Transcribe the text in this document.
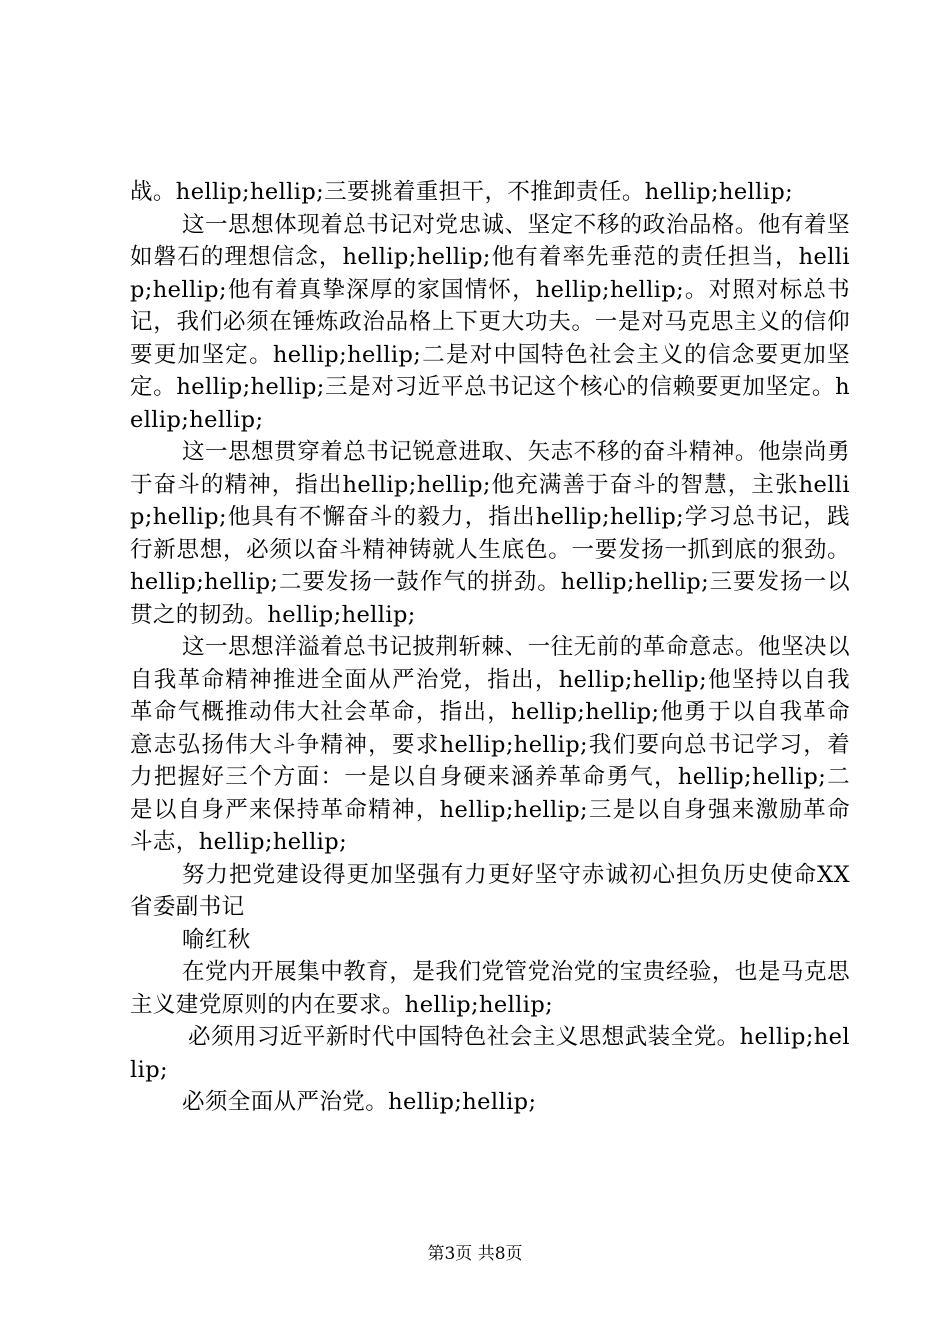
战。hellip;hellip;三要挑着重担干，不推卸责任。hellip;hellip;

这一思想体现着总书记对党忠诚、坚定不移的政治品格。他有着坚如磐石的理想信念，hellip;hellip;他有着率先垂范的责任担当，hellip;hellip;他有着真挚深厚的家国情怀，hellip;hellip;。对照对标总书记，我们必须在锤炼政治品格上下更大功夫。一是对马克思主义的信仰要更加坚定。hellip;hellip;二是对中国特色社会主义的信念要更加坚定。hellip;hellip;三是对习近平总书记这个核心的信赖要更加坚定。hellip;hellip;

这一思想贯穿着总书记锐意进取、矢志不移的奋斗精神。他崇尚勇于奋斗的精神，指出hellip;hellip;他充满善于奋斗的智慧，主张hellip;hellip;他具有不懈奋斗的毅力，指出hellip;hellip;学习总书记，践行新思想，必须以奋斗精神铸就人生底色。一要发扬一抓到底的狠劲。hellip;hellip;二要发扬一鼓作气的拼劲。hellip;hellip;三要发扬一以贯之的韧劲。hellip;hellip;

这一思想洋溢着总书记披荆斩棘、一往无前的革命意志。他坚决以自我革命精神推进全面从严治党，指出，hellip;hellip;他坚持以自我革命气概推动伟大社会革命，指出，hellip;hellip;他勇于以自我革命意志弘扬伟大斗争精神，要求hellip;hellip;我们要向总书记学习，着力把握好三个方面：一是以自身硬来涵养革命勇气，hellip;hellip;二是以自身严来保持革命精神，hellip;hellip;三是以自身强来激励革命斗志，hellip;hellip;

努力把党建设得更加坚强有力更好坚守赤诚初心担负历史使命XX省委副书记

喻红秋

在党内开展集中教育，是我们党管党治党的宝贵经验，也是马克思主义建党原则的内在要求。hellip;hellip;

必须用习近平新时代中国特色社会主义思想武装全党。hellip;hellip;

必须全面从严治党。hellip;hellip;

第3页 共8页
